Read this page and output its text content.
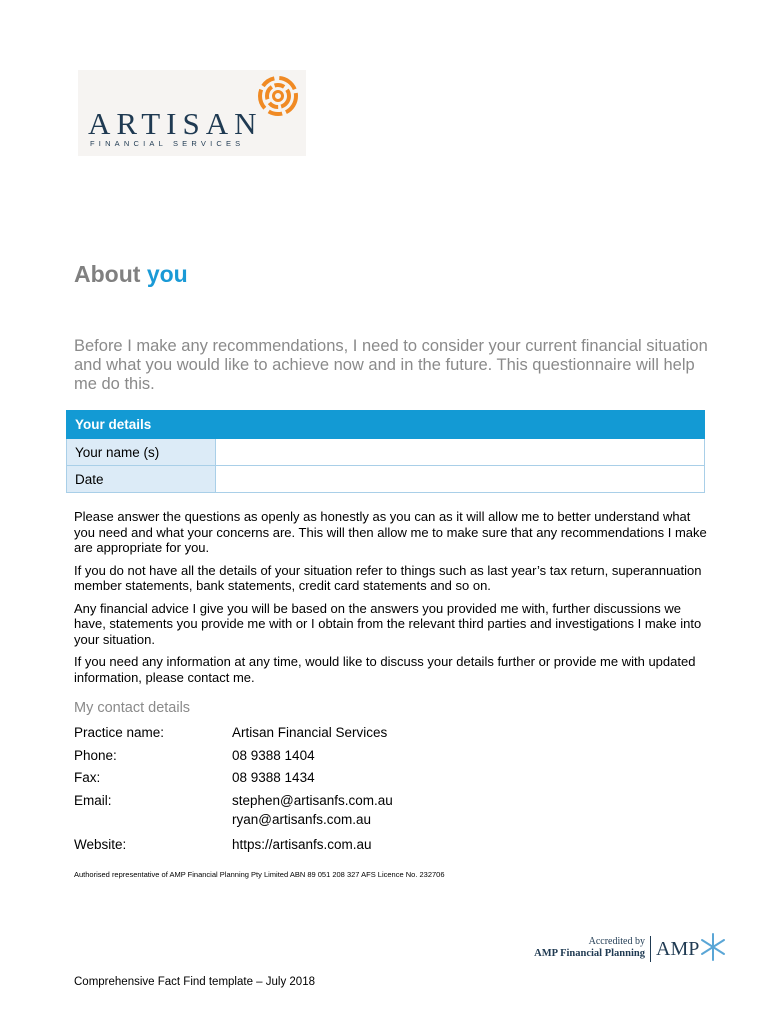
ARTISAN
FINANCIAL SERVICES
About you

Before I make any recommendations, I need to consider your current financial situation and what you would like to achieve now and in the future. This questionnaire will help me do this.

Your details	
Your name (s)	
Date	

Please answer the questions as openly as honestly as you can as it will allow me to better understand what you need and what your concerns are. This will then allow me to make sure that any recommendations I make are appropriate for you.

If you do not have all the details of your situation refer to things such as last year’s tax return, superannuation member statements, bank statements, credit card statements and so on.

Any financial advice I give you will be based on the answers you provided me with, further discussions we have, statements you provide me with or I obtain from the relevant third parties and investigations I make into your situation.

If you need any information at any time, would like to discuss your details further or provide me with updated information, please contact me.

My contact details
Practice name:	Artisan Financial Services
Phone:	08 9388 1404
Fax:	08 9388 1434
Email:	stephen@artisanfs.com.au
ryan@artisanfs.com.au
Website:	https://artisanfs.com.au
Authorised representative of AMP Financial Planning Pty Limited ABN 89 051 208 327 AFS Licence No. 232706
Accredited by
AMP Financial Planning AMP
Comprehensive Fact Find template – July 2018
